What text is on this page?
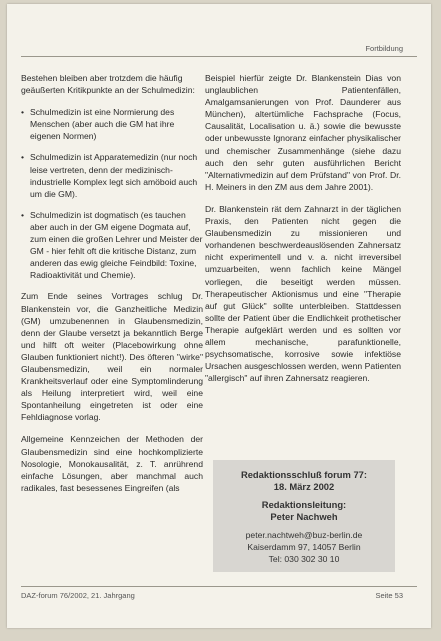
Fortbildung

Bestehen bleiben aber trotzdem die häufig geäußerten Kritikpunkte an der Schulmedizin:

• Schulmedizin ist eine Normierung des Menschen (aber auch die GM hat ihre eigenen Normen)
• Schulmedizin ist Apparatemedizin (nur noch leise vertreten, denn der medizinisch-industrielle Komplex legt sich amöboid auch um die GM).
• Schulmedizin ist dogmatisch (es tauchen aber auch in der GM eigene Dogmata auf, zum einen die großen Lehrer und Meister der GM - hier fehlt oft die kritische Distanz, zum anderen das ewig gleiche Feindbild: Toxine, Radioaktivität und Chemie).

Zum Ende seines Vortrages schlug Dr. Blankenstein vor, die Ganzheitliche Medizin (GM) umzubenennen in Glaubensmedizin, denn der Glaube versetzt ja bekanntlich Berge und hilft oft weiter (Placebowirkung ohne Glauben funktioniert nicht!). Des öfteren "wirke" Glaubensmedizin, weil ein normaler Krankheitsverlauf oder eine Symptomlinderung als Heilung interpretiert wird, weil eine Spontanheilung eingetreten ist oder eine Fehldiagnose vorlag.

Allgemeine Kennzeichen der Methoden der Glaubensmedizin sind eine hochkomplizierte Nosologie, Monokausalität, z. T. anrührend einfache Lösungen, aber manchmal auch radikales, fast besessenes Eingreifen (als

Beispiel hierfür zeigte Dr. Blankenstein Dias von unglaublichen Patientenfällen, Amalgamsanierungen von Prof. Daunderer aus München), altertümliche Fachsprache (Focus, Causalität, Localisation u. ä.) sowie die bewusste oder unbewusste Ignoranz einfacher physikalischer und chemischer Zusammenhänge (siehe dazu auch den sehr guten ausführlichen Bericht "Alternativmedizin auf dem Prüfstand" von Prof. Dr. H. Meiners in den ZM aus dem Jahre 2001).

Dr. Blankenstein rät dem Zahnarzt in der täglichen Praxis, den Patienten nicht gegen die Glaubensmedizin zu missionieren und vorhandenen beschwerdeauslösenden Zahnersatz nicht experimentell und v. a. nicht irreversibel umzuarbeiten, wenn fachlich keine Mängel vorliegen, die beseitigt werden müssen. Therapeutischer Aktionismus und eine "Therapie auf gut Glück" sollte unterbleiben. Stattdessen sollte der Patient über die Endlichkeit prothetischer Therapie aufgeklärt werden und es sollten vor allem mechanische, parafunktionelle, psychsomatische, korrosive sowie infektiöse Ursachen ausgeschlossen werden, wenn Patienten "allergisch" auf ihren Zahnersatz reagieren.

Redaktionsschluß forum 77:
18. März 2002
Redaktionsleitung:
Peter Nachweh
peter.nachtweh@buz-berlin.de
Kaiserdamm 97, 14057 Berlin
Tel: 030 302 30 10
DAZ-forum 76/2002, 21. Jahrgang	Seite 53
